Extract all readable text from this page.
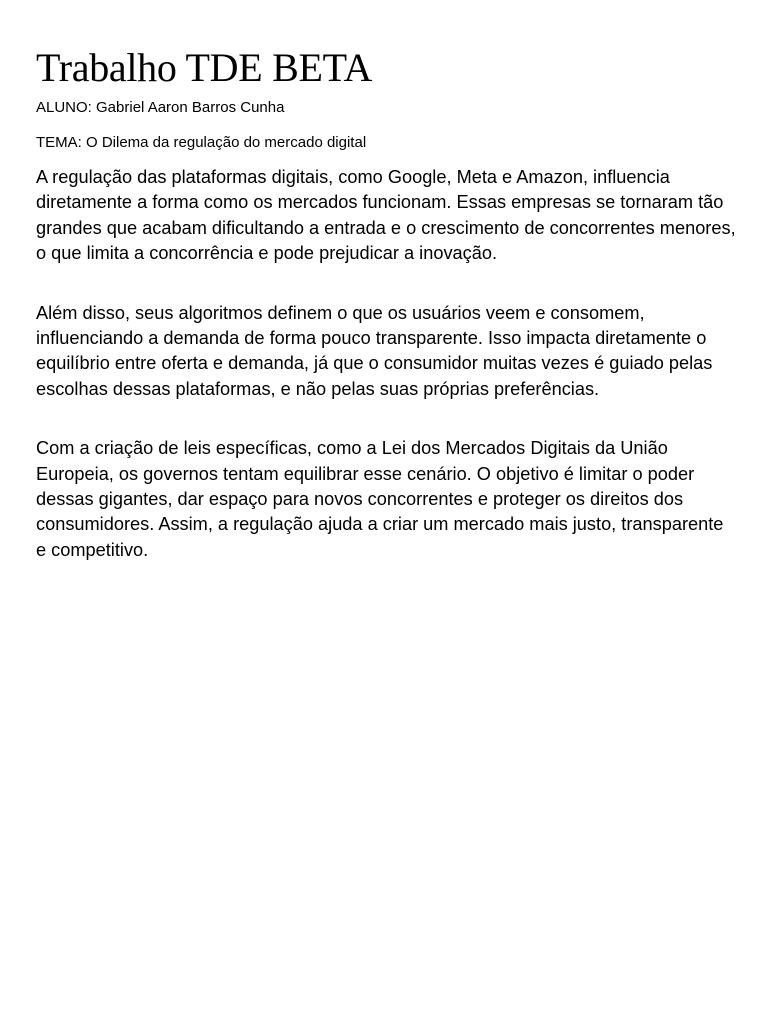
Trabalho TDE BETA

ALUNO: Gabriel Aaron Barros Cunha

TEMA: O Dilema da regulação do mercado digital

A regulação das plataformas digitais, como Google, Meta e Amazon, influencia diretamente a forma como os mercados funcionam. Essas empresas se tornaram tão grandes que acabam dificultando a entrada e o crescimento de concorrentes menores, o que limita a concorrência e pode prejudicar a inovação.

Além disso, seus algoritmos definem o que os usuários veem e consomem, influenciando a demanda de forma pouco transparente. Isso impacta diretamente o equilíbrio entre oferta e demanda, já que o consumidor muitas vezes é guiado pelas escolhas dessas plataformas, e não pelas suas próprias preferências.

Com a criação de leis específicas, como a Lei dos Mercados Digitais da União Europeia, os governos tentam equilibrar esse cenário. O objetivo é limitar o poder dessas gigantes, dar espaço para novos concorrentes e proteger os direitos dos consumidores. Assim, a regulação ajuda a criar um mercado mais justo, transparente e competitivo.
